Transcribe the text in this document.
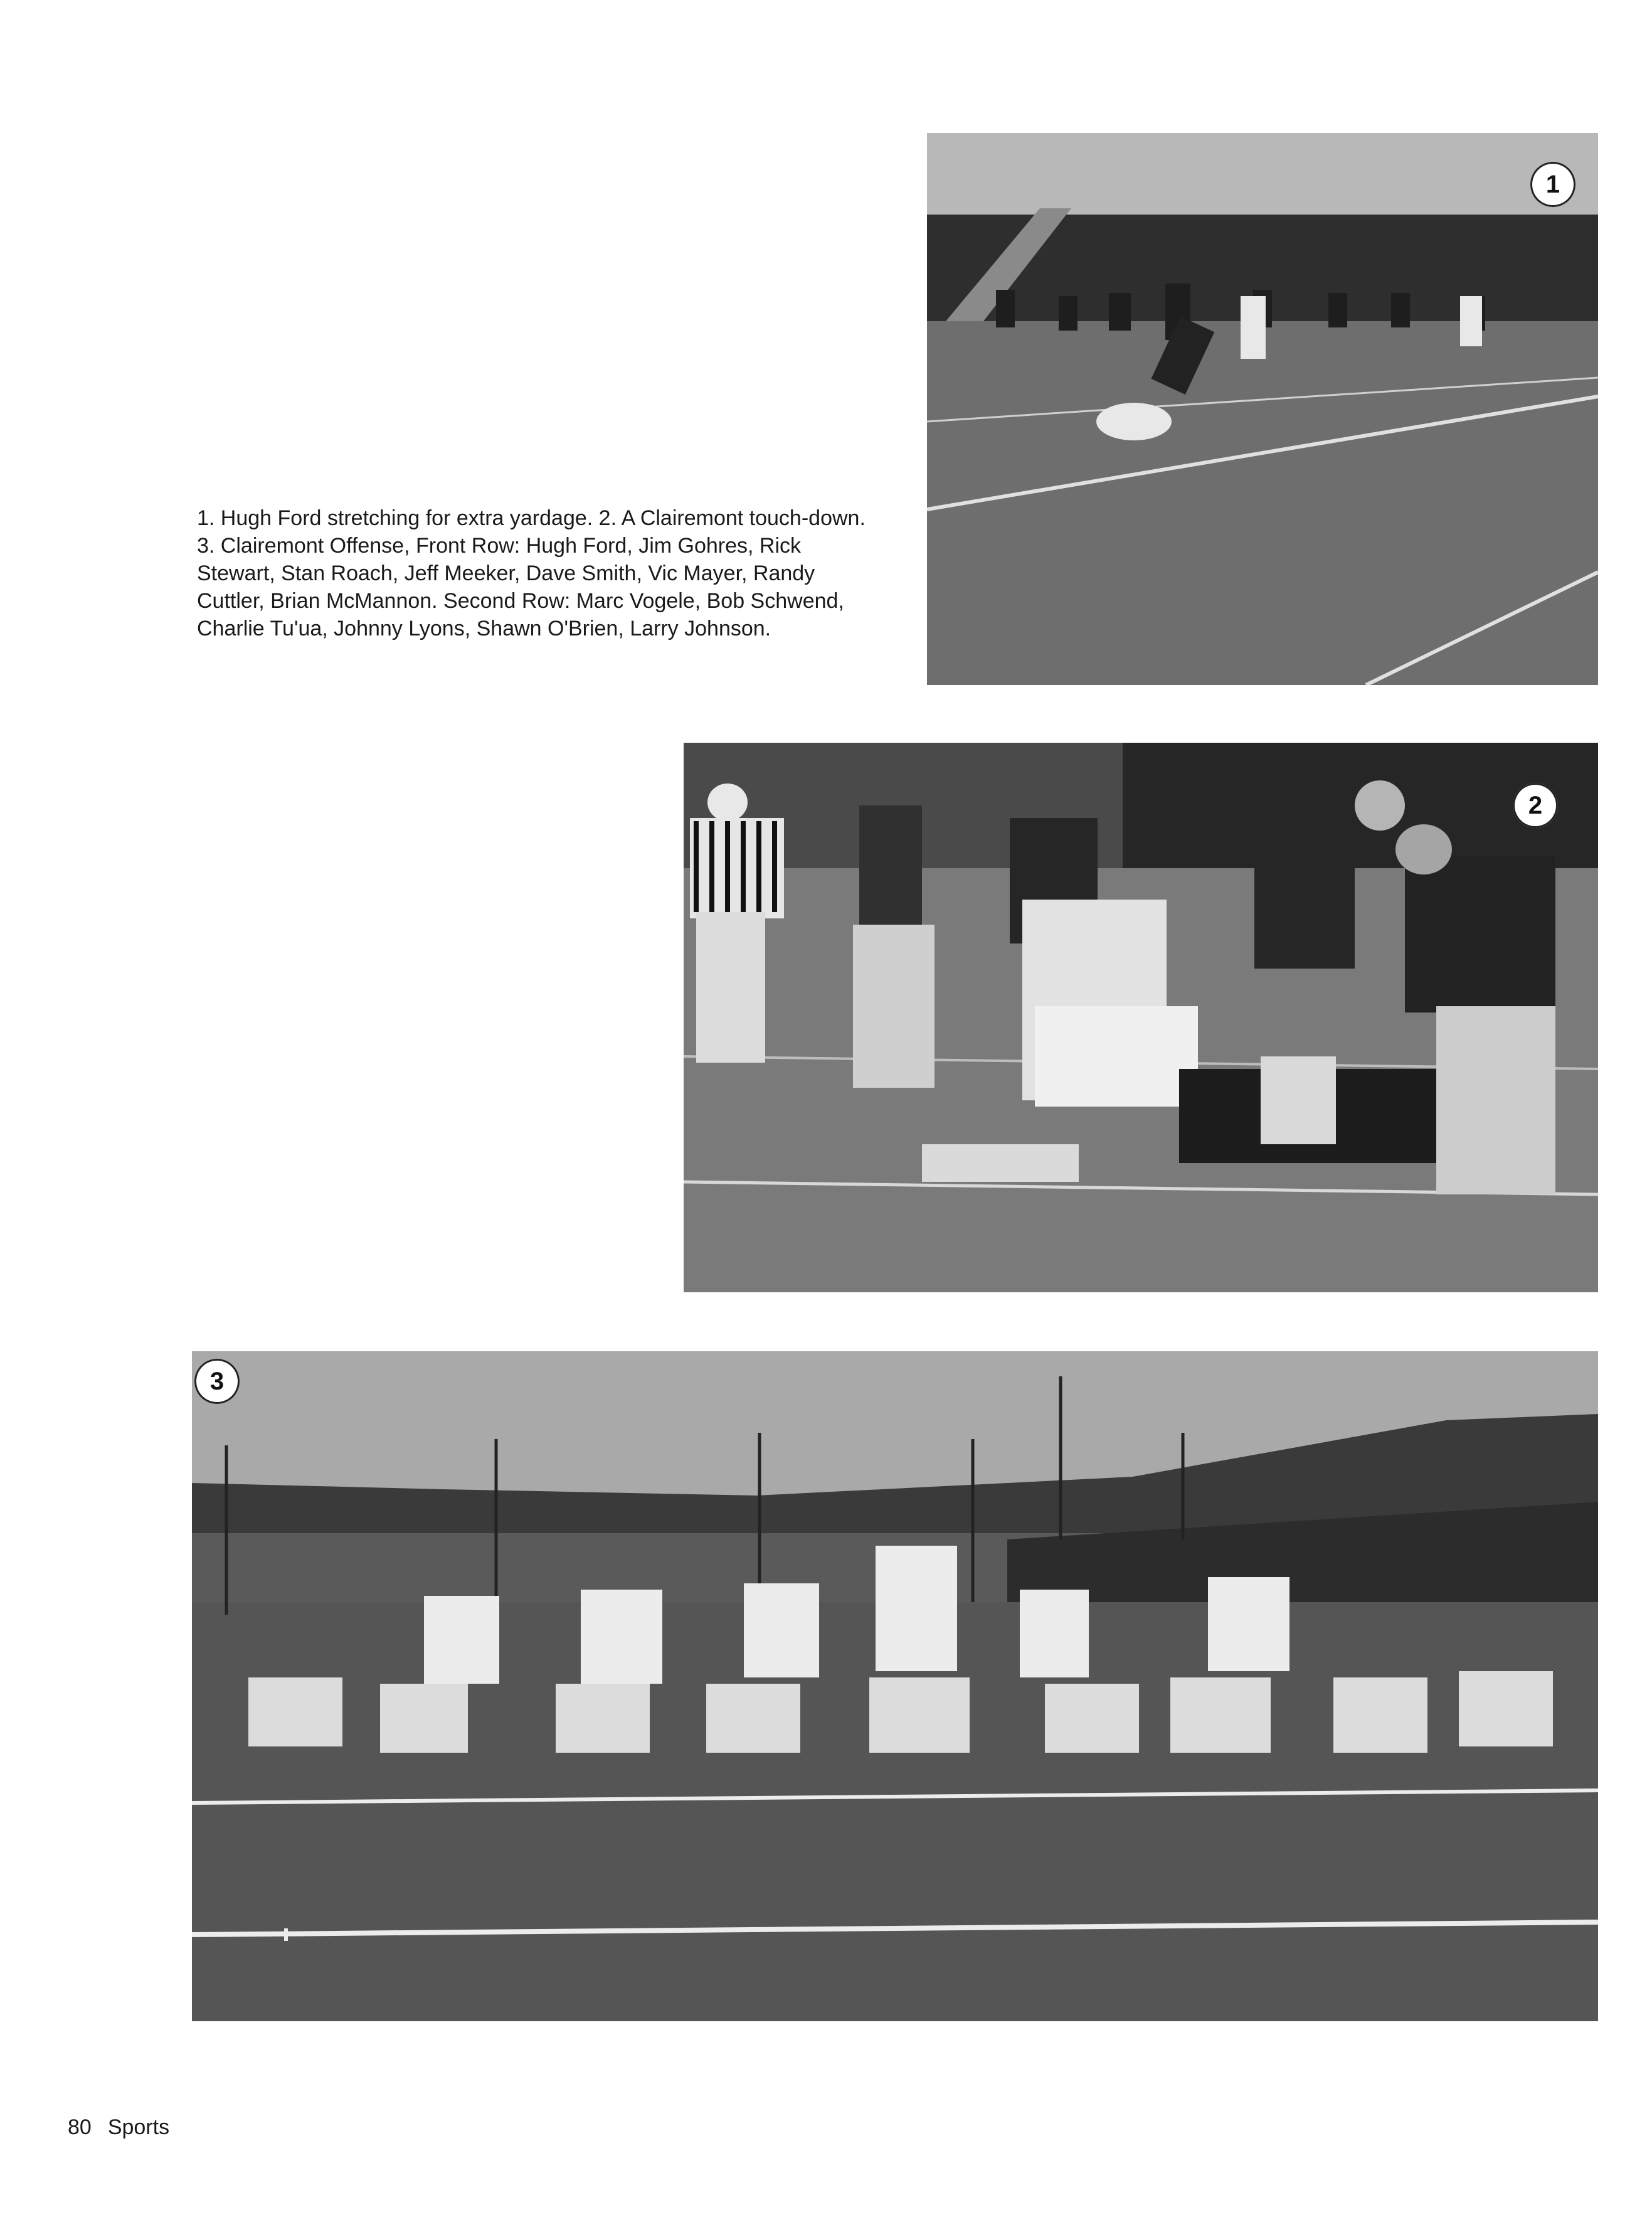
1

1. Hugh Ford stretching for extra yardage. 2. A Clairemont touch-down. 3. Clairemont Offense, Front Row: Hugh Ford, Jim Gohres, Rick Stewart, Stan Roach, Jeff Meeker, Dave Smith, Vic Mayer, Randy Cuttler, Brian McMannon. Second Row: Marc Vogele, Bob Schwend, Charlie Tu'ua, Johnny Lyons, Shawn O'Brien, Larry Johnson.

2
3
80 Sports
